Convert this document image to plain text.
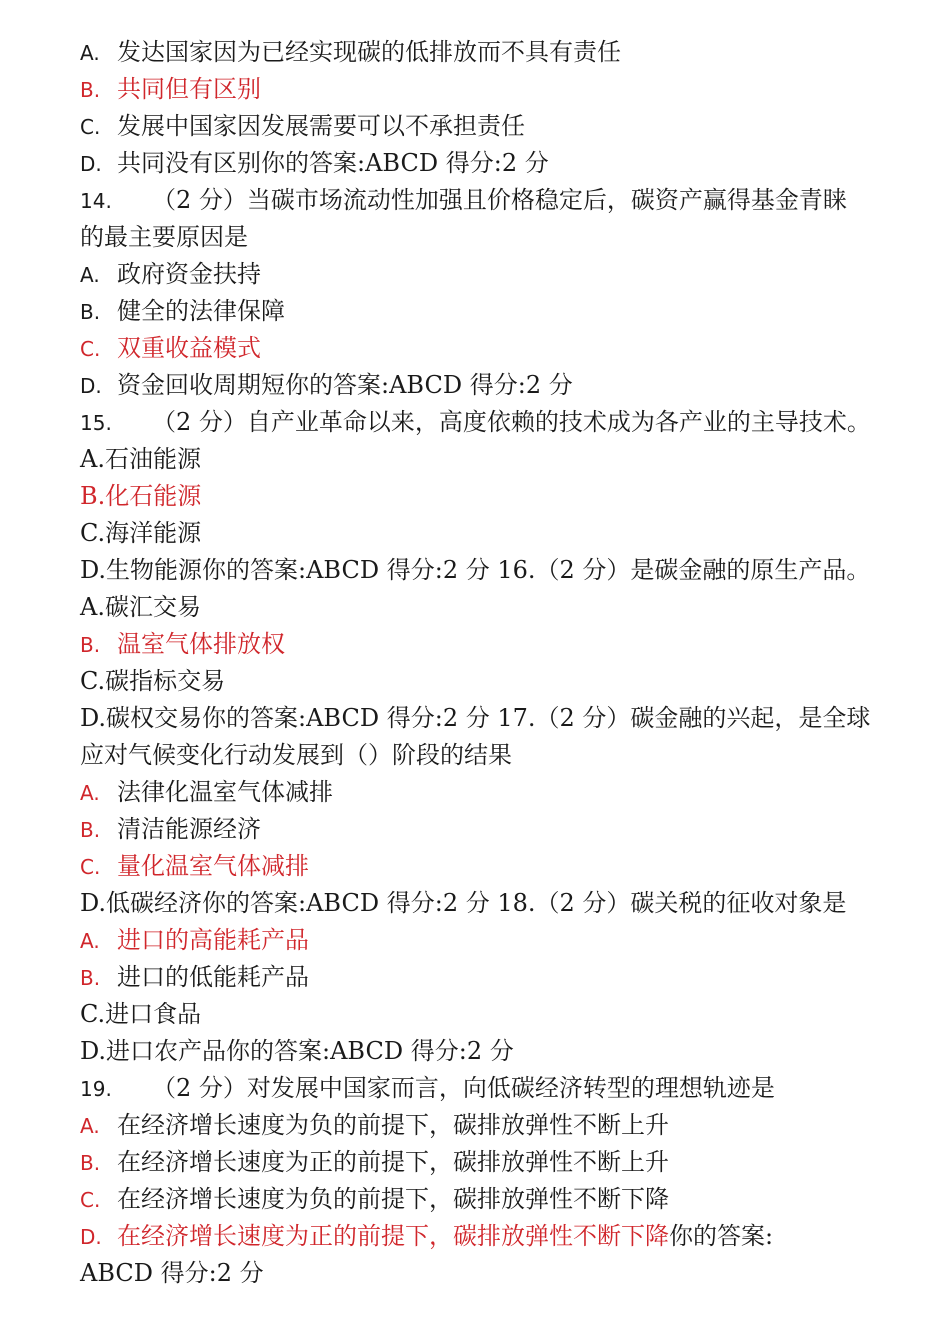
A. 发达国家因为已经实现碳的低排放而不具有责任
B. 共同但有区别
C. 发展中国家因发展需要可以不承担责任
D. 共同没有区别你的答案:ABCD 得分:2 分
14. （2 分）当碳市场流动性加强且价格稳定后，碳资产赢得基金青睐
的最主要原因是
A. 政府资金扶持
B. 健全的法律保障
C. 双重收益模式
D. 资金回收周期短你的答案:ABCD 得分:2 分
15. （2 分）自产业革命以来，高度依赖的技术成为各产业的主导技术。
A.石油能源
B.化石能源
C.海洋能源
D.生物能源你的答案:ABCD 得分:2 分 16.（2 分）是碳金融的原生产品。
A.碳汇交易
B. 温室气体排放权
C.碳指标交易
D.碳权交易你的答案:ABCD 得分:2 分 17.（2 分）碳金融的兴起，是全球
应对气候变化行动发展到（）阶段的结果
A. 法律化温室气体减排
B. 清洁能源经济
C. 量化温室气体减排
D.低碳经济你的答案:ABCD 得分:2 分 18.（2 分）碳关税的征收对象是
A. 进口的高能耗产品
B. 进口的低能耗产品
C.进口食品
D.进口农产品你的答案:ABCD 得分:2 分
19. （2 分）对发展中国家而言，向低碳经济转型的理想轨迹是
A. 在经济增长速度为负的前提下，碳排放弹性不断上升
B. 在经济增长速度为正的前提下，碳排放弹性不断上升
C. 在经济增长速度为负的前提下，碳排放弹性不断下降
D. 在经济增长速度为正的前提下，碳排放弹性不断下降你的答案:
ABCD 得分:2 分
